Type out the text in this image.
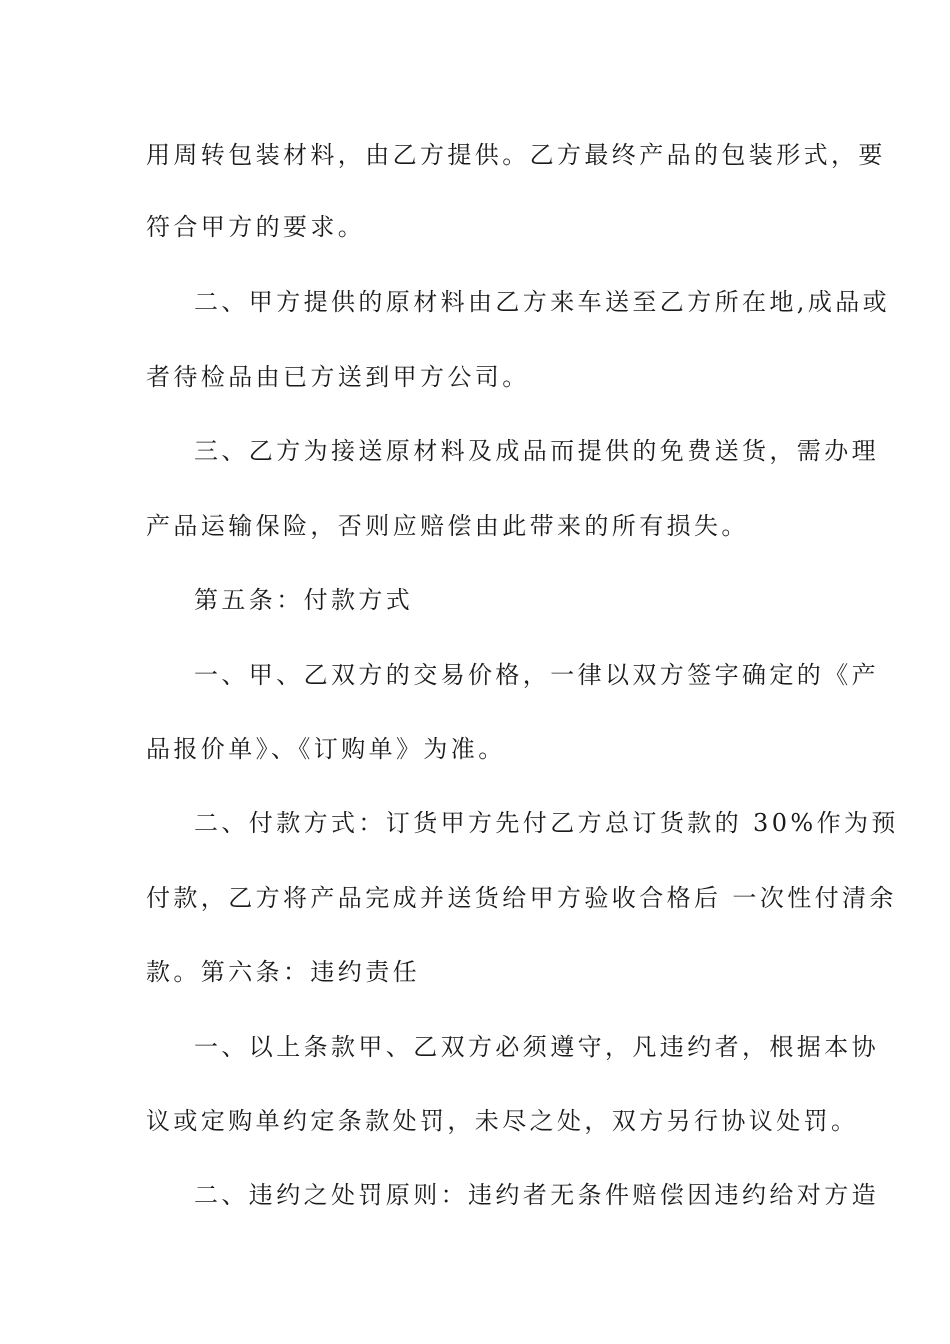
用周转包装材料，由乙方提供。乙方最终产品的包装形式，要
符合甲方的要求。
二、甲方提供的原材料由乙方来车送至乙方所在地,成品或
者待检品由已方送到甲方公司。
三、乙方为接送原材料及成品而提供的免费送货，需办理
产品运输保险，否则应赔偿由此带来的所有损失。
第五条：付款方式
一、甲、乙双方的交易价格，一律以双方签字确定的《产
品报价单》、《订购单》为准。
二、付款方式：订货甲方先付乙方总订货款的 30%作为预
付款，乙方将产品完成并送货给甲方验收合格后 一次性付清余
款。第六条：违约责任
一、以上条款甲、乙双方必须遵守，凡违约者，根据本协
议或定购单约定条款处罚，未尽之处，双方另行协议处罚。
二、违约之处罚原则：违约者无条件赔偿因违约给对方造
